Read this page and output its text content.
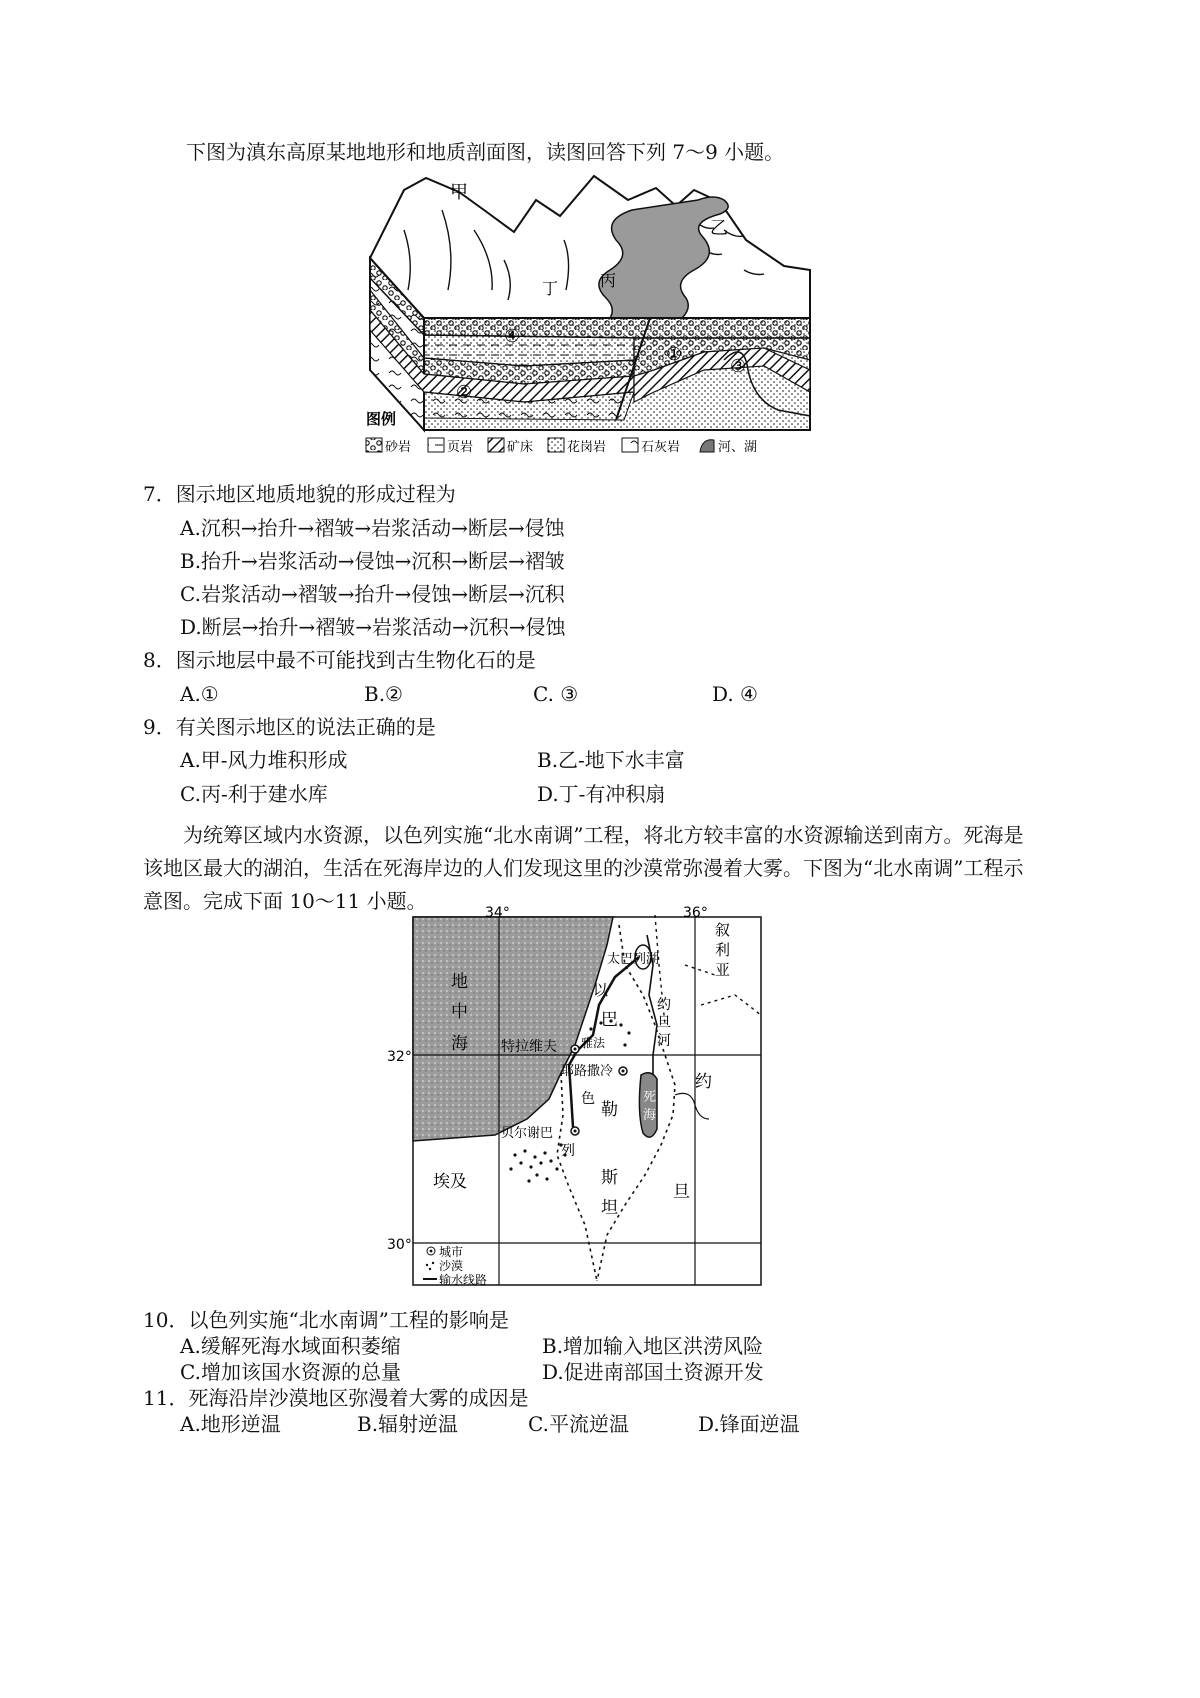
下图为滇东高原某地地形和地质剖面图，读图回答下列 7～9 小题。
甲
乙
丙
丁
①
②
③
④
图例
砂岩	页岩	矿床	花岗岩	石灰岩	河、湖
7．图示地区地质地貌的形成过程为
A.沉积→抬升→褶皱→岩浆活动→断层→侵蚀
B.抬升→岩浆活动→侵蚀→沉积→断层→褶皱
C.岩浆活动→褶皱→抬升→侵蚀→断层→沉积
D.断层→抬升→褶皱→岩浆活动→沉积→侵蚀
8．图示地层中最不可能找到古生物化石的是
A.①	B.②	C. ③	D. ④
9．有关图示地区的说法正确的是
A.甲-风力堆积形成	B.乙-地下水丰富
C.丙-利于建水库	D.丁-有冲积扇
为统筹区域内水资源，以色列实施“北水南调”工程，将北方较丰富的水资源输送到南方。死海是该地区最大的湖泊，生活在死海岸边的人们发现这里的沙漠常弥漫着大雾。下图为“北水南调”工程示意图。完成下面 10～11 小题。	34°	36°
32°
30°
地
中
海
叙
利
亚
太巴列湖
以
巴
色
勒
列
斯
坦
约
旦
河
约
旦
死
海
特拉维夫 雅法
耶路撒冷
贝尔谢巴
埃及
城市
沙漠
输水线路
10．以色列实施“北水南调”工程的影响是
A.缓解死海水域面积萎缩	B.增加输入地区洪涝风险
C.增加该国水资源的总量	D.促进南部国土资源开发
11．死海沿岸沙漠地区弥漫着大雾的成因是
A.地形逆温	B.辐射逆温	C.平流逆温	D.锋面逆温
